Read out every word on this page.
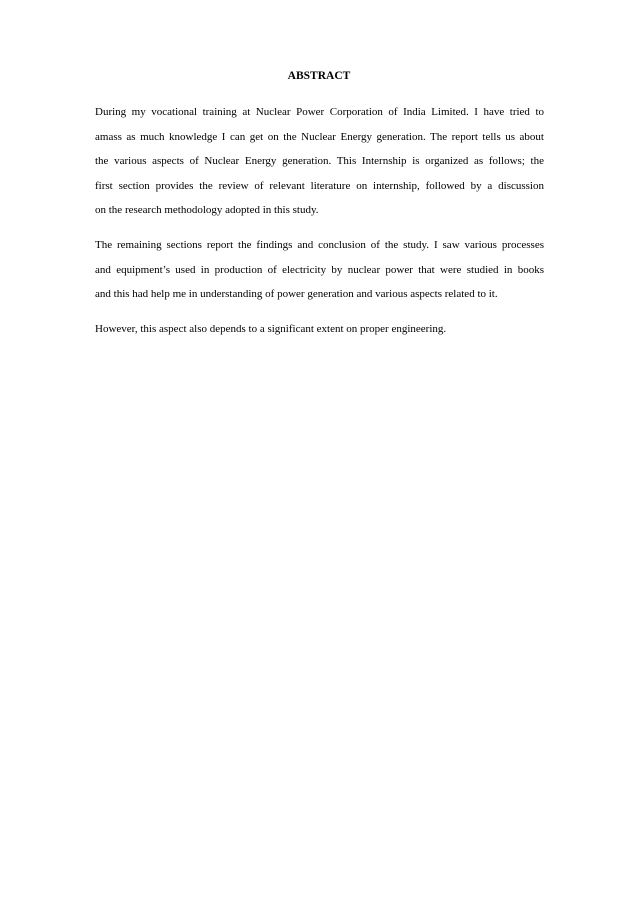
ABSTRACT

During my vocational training at Nuclear Power Corporation of India Limited. I have tried to
amass as much knowledge I can get on the Nuclear Energy generation. The report tells us about
the various aspects of Nuclear Energy generation. This Internship is organized as follows; the
first section provides the review of relevant literature on internship, followed by a discussion
on the research methodology adopted in this study.

The remaining sections report the findings and conclusion of the study. I saw various processes
and equipment’s used in production of electricity by nuclear power that were studied in books
and this had help me in understanding of power generation and various aspects related to it.

However, this aspect also depends to a significant extent on proper engineering.
